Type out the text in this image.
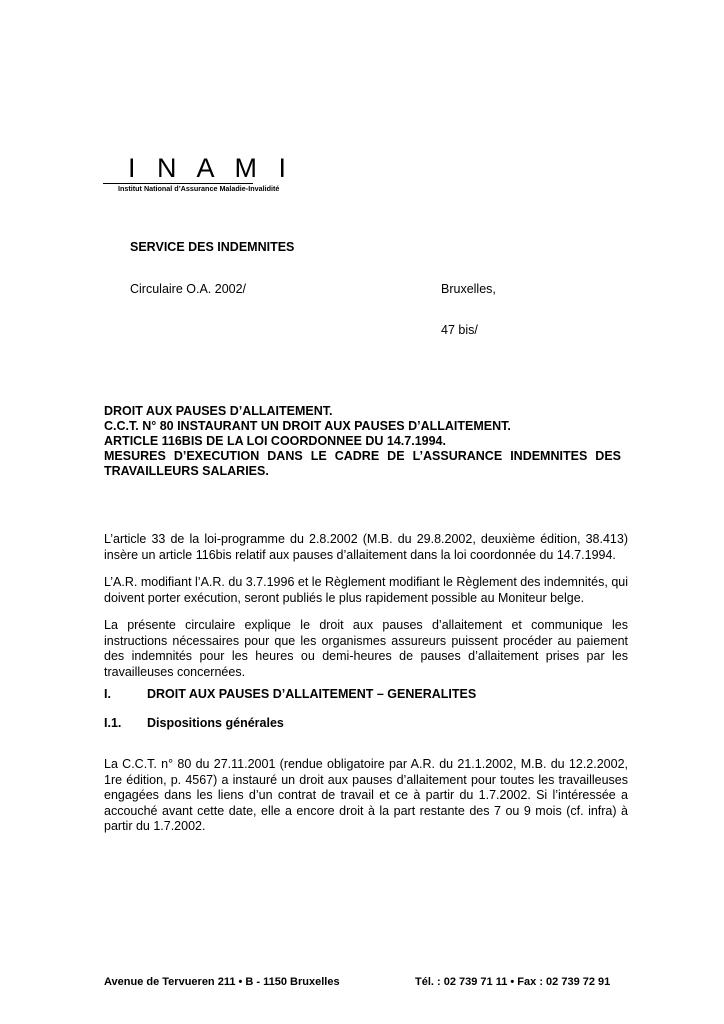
I N A M I
Institut National d’Assurance Maladie-Invalidité
SERVICE DES INDEMNITES
Circulaire O.A. 2002/	Bruxelles,
47 bis/
DROIT AUX PAUSES D’ALLAITEMENT.
C.C.T. N° 80 INSTAURANT UN DROIT AUX PAUSES D’ALLAITEMENT.
ARTICLE 116BIS DE LA LOI COORDONNEE DU 14.7.1994.
MESURES D’EXECUTION DANS LE CADRE DE L’ASSURANCE INDEMNITES DES
TRAVAILLEURS SALARIES.
L’article 33 de la loi-programme du 2.8.2002 (M.B. du 29.8.2002, deuxième édition, 38.413) insère un article 116bis relatif aux pauses d’allaitement dans la loi coordonnée du 14.7.1994.
L’A.R. modifiant l’A.R. du 3.7.1996 et le Règlement modifiant le Règlement des indemnités, qui doivent porter exécution, seront publiés le plus rapidement possible au Moniteur belge.
La présente circulaire explique le droit aux pauses d’allaitement et communique les instructions nécessaires pour que les organismes assureurs puissent procéder au paiement des indemnités pour les heures ou demi-heures de pauses d’allaitement prises par les travailleuses concernées.
I.	DROIT AUX PAUSES D’ALLAITEMENT – GENERALITES
I.1. Dispositions générales
La C.C.T. n° 80 du 27.11.2001 (rendue obligatoire par A.R. du 21.1.2002, M.B. du 12.2.2002, 1re édition, p. 4567) a instauré un droit aux pauses d’allaitement pour toutes les travailleuses engagées dans les liens d’un contrat de travail et ce à partir du 1.7.2002. Si l’intéressée a accouché avant cette date, elle a encore droit à la part restante des 7 ou 9 mois (cf. infra) à partir du 1.7.2002.
Avenue de Tervueren 211 • B - 1150 Bruxelles	Tél. : 02 739 71 11 • Fax : 02 739 72 91
